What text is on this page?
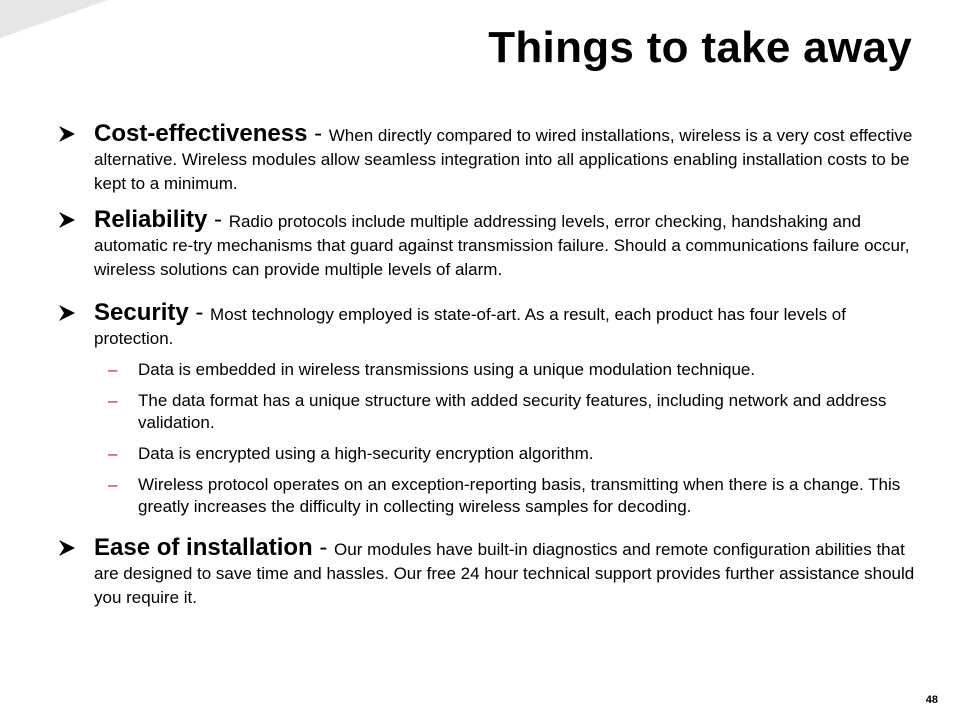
Things to take away
Cost-effectiveness - When directly compared to wired installations, wireless is a very cost effective alternative. Wireless modules allow seamless integration into all applications enabling installation costs to be kept to a minimum.
Reliability - Radio protocols include multiple addressing levels, error checking, handshaking and automatic re-try mechanisms that guard against transmission failure. Should a communications failure occur, wireless solutions can provide multiple levels of alarm.
Security - Most technology employed is state-of-art. As a result, each product has four levels of protection.
– Data is embedded in wireless transmissions using a unique modulation technique.
– The data format has a unique structure with added security features, including network and address validation.
– Data is encrypted using a high-security encryption algorithm.
– Wireless protocol operates on an exception-reporting basis, transmitting when there is a change. This greatly increases the difficulty in collecting wireless samples for decoding.
Ease of installation - Our modules have built-in diagnostics and remote configuration abilities that are designed to save time and hassles. Our free 24 hour technical support provides further assistance should you require it.
48
